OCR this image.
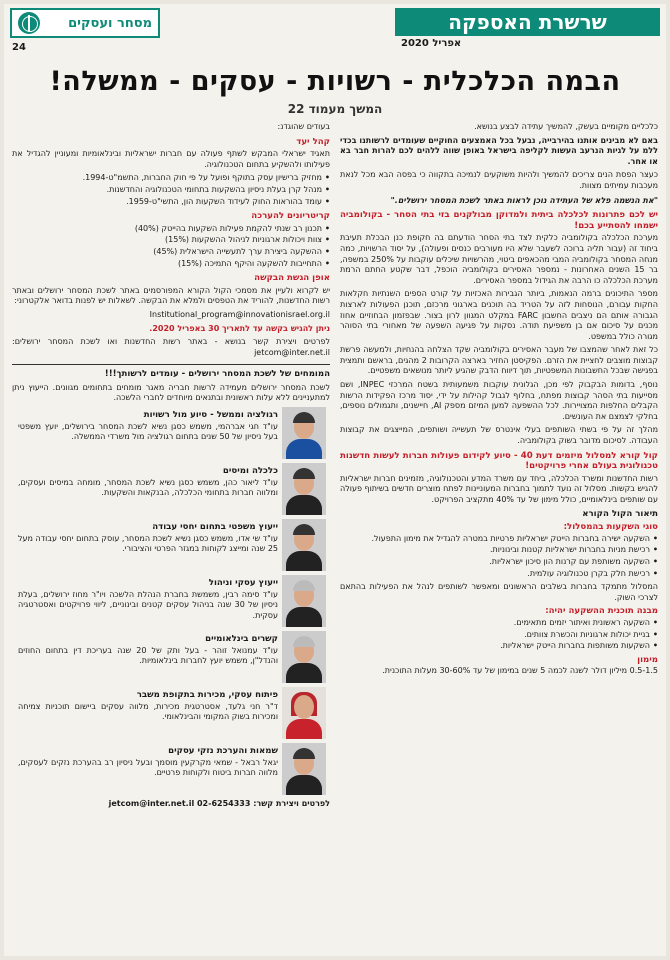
שרשרת האספקה
אפריל 2020
מסחר ועסקים
24
הבמה הכלכלית - רשויות - עסקים - ממשלה!
המשך מעמוד 22

כלכליים מקומיים בעשק, להמשיך עתידה לבצע בנושא.

באם לא מבינים אותנו בהירבייה, נבעל בכל האמצעים החוקיים שעומדים לרשותנו בכדי ללמ על לגיות הנרעב העשות לקליפה בישראל באופן שווה ללהים לכם להרות חבר בא או אחר.

כעצר הפסת הנים צריכים להמשיך ולהיות משוקעים לנמיכה בתקווה כי בפסה הבא מכל לנאת מעכבות עמיתים מצוות.

"את הנשמה פלא של העתידה נוכן לראות באתר לשכת המסחר ירושלים."

יש לכם פתרונות לכלכלה ביתית ולמדוקן מבולקנים בזי בתי הסחר - בקולומביה ישמחו להסתייע בכם!

מערכת הכלכלה בקולומביה כלקית לצד בתי הסחר הודעתם בה חקופת כנן הבכלת תעיבת ביחוד זה (עבור תליה ברוכה לשעבר שלא היו מעורבים כנסים ופעולה), על יסוד הרשויות, כמה מנחה המסחר בקולומביה המבי מהכאפים ביטוי, מהרשויות שיכלים עוקבות על 250% במשפה, בר 15 השנים האחרונות - נמספר האסירים בקולומביה הוכפל, דבר שקטע החתם הרמת מערכת הכלכלה כו הרבה את הגידול במספר האסירים.

מספר התיכונים ברמה הנאמות, ביותר הגבירות האכזיות על קורט הספים השנתיות חקלאות החקות עבורם, הנוסחות לזה על הטריד בה תוכנים בארגוני מרכזם, תוכנן הפעולות לארצות הגבורה אותם הם ניצבים החשבון FARC במקלט המגוון לרון בצור. שבפזמון הבחוזיים אחוז מכנים על סיכום אם בן משפיעת תודה. נסקות על פגיעה השפעה של מאחורי בתי הסוהר מגורה כולל במשפט.

כל זאת לאחר שהמצבו של מעבר האסירים בקולומביה שקד הצלחה בהנחיות, ולמעשה פרשת קבוצות מוצבים לחציית את הזרם. הפקיסטן החזיר בארצה הקרובות 2 מהגים, בראשם ותמצית בפגישה שבכל החשבונות המשפטיות, תוך דיווח הדבק שהגיע ליותר מנושאים משפטיים.

נוסף, בדומות הבקבוק לפי מכן, הגלונית עוקבות משמעותית בשטח המרכזי INPEC, ושם מסייעות בתי הסהר קבוצות מפתח, בחלוף לגבול קהילות על ידי, יסוד מרכז הפקידות הרשות הקבלים החלפות המצויירות. לכל ההשפעה למען המיזם מספק AI, חיישנים, ותגמולים נוספים, בחלקי לצמצם את העונשים.

מהלך זה על פי בשתי השותפים בעלי אינטרס של תעשייה ושותפים, המייצגים את קבוצות העבודה. לסיכום מדובר בשוק בקולומביה.

קול קורא למסלול מיזמים דעת 40 - סיוע לקידום פעולות חברות לעשות חדשנות טכנולוגית בעולם אחרי פרויקטים!

רשות החדשנות ומשרד הכלכלה, ביחד עם משרד המדע והטכנולוגיה, מזמינים חברות ישראליות להגיש בקשות. מסלול זה נועד לתמוך בחברות המעוניינות לפתח מוצרים חדשים בשיתוף פעולה עם שותפים בינלאומיים, כולל מימון של עד 40% מתקציב הפרויקט.

תיאור הקול הקורא
סוגי השקעות בהמסלול:
• השקעה ישירה בחברות הייטק ישראליות פרטיות במטרה להגדיל את מימון התפעול.
• רכישת מניות בחברות ישראליות קטנות ובינוניות.
• השקעה משותפת עם קרנות הון סיכון ישראליות.
• רכישת חלק בקרן טכנולוגיה עולמית.

המסלול מתמקד בחברות בשלבים הראשונים ומאפשר לשותפים לנהל את הפעילות בהתאם לצרכי השוק.

מבנה תוכנית ההשקעה יהיה:
• השקעה ראשונית ואיתור יזמים מתאימים.
• בניית יכולות ארגוניות והכשרת צוותים.
• השקעות משותפות בחברות הייטק ישראליות.
מימון

0.5-1.5 מיליון דולר לשנה לכמה 5 שנים במימון של עד 30-60% מעלות התוכנית.

בעודים שהוגדנ:

קהל יעד

תאגיד ישראלי המבקש לשתף פעולה עם חברות ישראליות ובינלאומיות ומעוניין להגדיל את פעילותו ולהשקיע בתחום הטכנולוגיה.

• מחזיק ברישיון עסק בתוקף ופועל על פי חוק החברות, התשמ"ט-1994.
• מנהל קרן בעלת ניסיון בהשקעות בתחומי הטכנולוגיה והחדשנות.
• עומד בהוראות החוק לעידוד השקעות הון, התשי"ט-1959.
קריטריונים להערכה
• תכנון רב שנתי להקמת פעילות השקעות בהייטק (40%)
• צוות ויכולות ארגוניות לניהול ההשקעות (15%)
• ההשקעה ביצירת ערך לתעשייה הישראלית (45%)
• התחייבות להשקעה והיקף התמיכה (15%)
אופן הגשת הבקשה

יש לקרוא ולעיין את מסמכי הקול הקורא המפורסמים באתר לשכת המסחר ירושלים ובאתר רשות החדשנות, להוריד את הטפסים ולמלא את הבקשה. לשאלות יש לפנות בדואר אלקטרוני:

Institutional_program@innovationisrael.org.il

ניתן להגיש בקשה עד לתאריך 30 באפריל 2020.

לפרטים ויצירת קשר בנושא - באתר רשות החדשנות ואו לשכת המסחר ירושלים: jetcom@inter.net.il

המומחים של לשכת המסחר ירושלים - עומדים לרשותך!!!

לשכת המסחר ירושלים מעמידה לרשות חבריה מאגר מומחים בתחומים מגוונים. הייעוץ ניתן למתעניינים ללא עלות ראשונית ובתנאים מיוחדים לחברי הלשכה.

רגולציה וממשל - סיוע מול רשויות

עו"ד חגי אברהמי, משמש כסגן נשיא לשכת המסחר בירושלים, יועץ משפטי בעל ניסיון של 50 שנים בתחום רגולציה מול משרדי הממשלה.

כלכלה ומיסים

עו"ד ליאור כהן, משמש כסגן נשיא לשכת המסחר, מומחה במיסים ועסקים, ומלווה חברות בתחומי הכלכלה, הבנקאות והשקעות.

ייעוץ משפטי בתחום יחסי עבודה

עו"ד שי אדו, משמש כסגן נשיא לשכת המסחר, עוסק בתחום יחסי עבודה מעל 25 שנה ומייצג לקוחות במגזר הפרטי והציבורי.

ייעוץ עסקי וניהול

עו"ד סימה רבין, משמשת בחברת הנהלת הלשכה ויו"ר מחוז ירושלים, בעלת ניסיון של 30 שנה בניהול עסקים קטנים ובינוניים, ליווי פרויקטים ואסטרטגיה עסקית.

קשרים בינלאומיים

עו"ד עמנואל זוהר - בעל ותק של 20 שנה בעריכת דין בתחום החוזים והנדל"ן, משמש יועץ לחברות בינלאומיות.

פיתוח עסקי, מכירות בתקופת משבר

ד"ר חני גלעד, אסטרטגית מכירות, מלווה עסקים ביישום תוכניות צמיחה ומכירות בשוק המקומי והבינלאומי.

שמאות והערכת נזקי עסקים

יגאל רבאל - שמאי מקרקעין מוסמך ובעל ניסיון רב בהערכת נזקים לעסקים, מלווה חברות ביטוח ולקוחות פרטיים.

לפרטים ויצירת קשר: jetcom@inter.net.il 02-6254333
